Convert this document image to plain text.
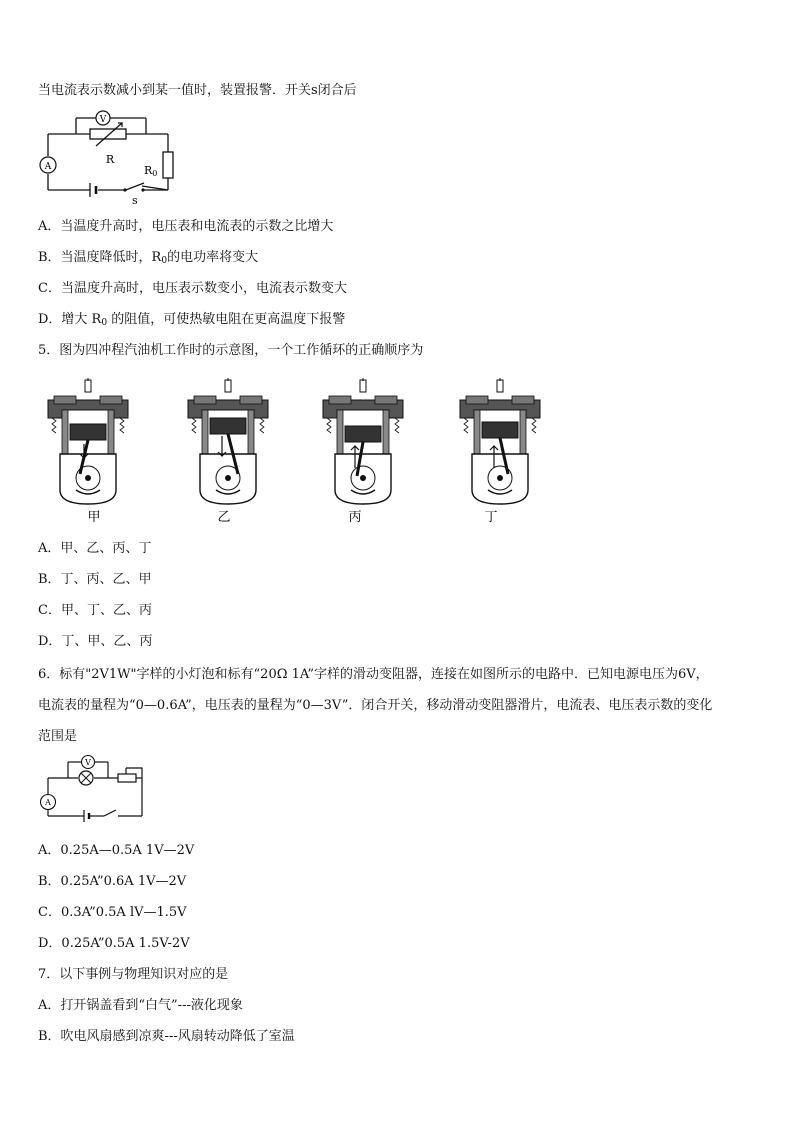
当电流表示数减小到某一值时，装置报警．开关s闭合后
V
A
R
R0
s
A．当温度升高时，电压表和电流表的示数之比增大
B．当温度降低时，$R_0$的电功率将变大
C．当温度升高时，电压表示数变小，电流表示数变大
D．增大 $R_0$ 的阻值，可使热敏电阻在更高温度下报警
5．图为四冲程汽油机工作时的示意图，一个工作循环的正确顺序为
甲	乙	丙	丁
A．甲、乙、丙、丁
B．丁、丙、乙、甲
C．甲、丁、乙、丙
D．丁、甲、乙、丙
6．标有"2V1W"字样的小灯泡和标有“20Ω 1A”字样的滑动变阻器，连接在如图所示的电路中．已知电源电压为6V，
电流表的量程为“0—0.6A”，电压表的量程为“0—3V”．闭合开关，移动滑动变阻器滑片，电流表、电压表示数的变化
范围是
V
A
A．0.25A—0.5A 1V—2V
B．0.25A”0.6A 1V—2V
C．0.3A”0.5A lV—1.5V
D．0.25A”0.5A 1.5V-2V
7．以下事例与物理知识对应的是
A．打开锅盖看到“白气”---液化现象
B．吹电风扇感到凉爽---风扇转动降低了室温
